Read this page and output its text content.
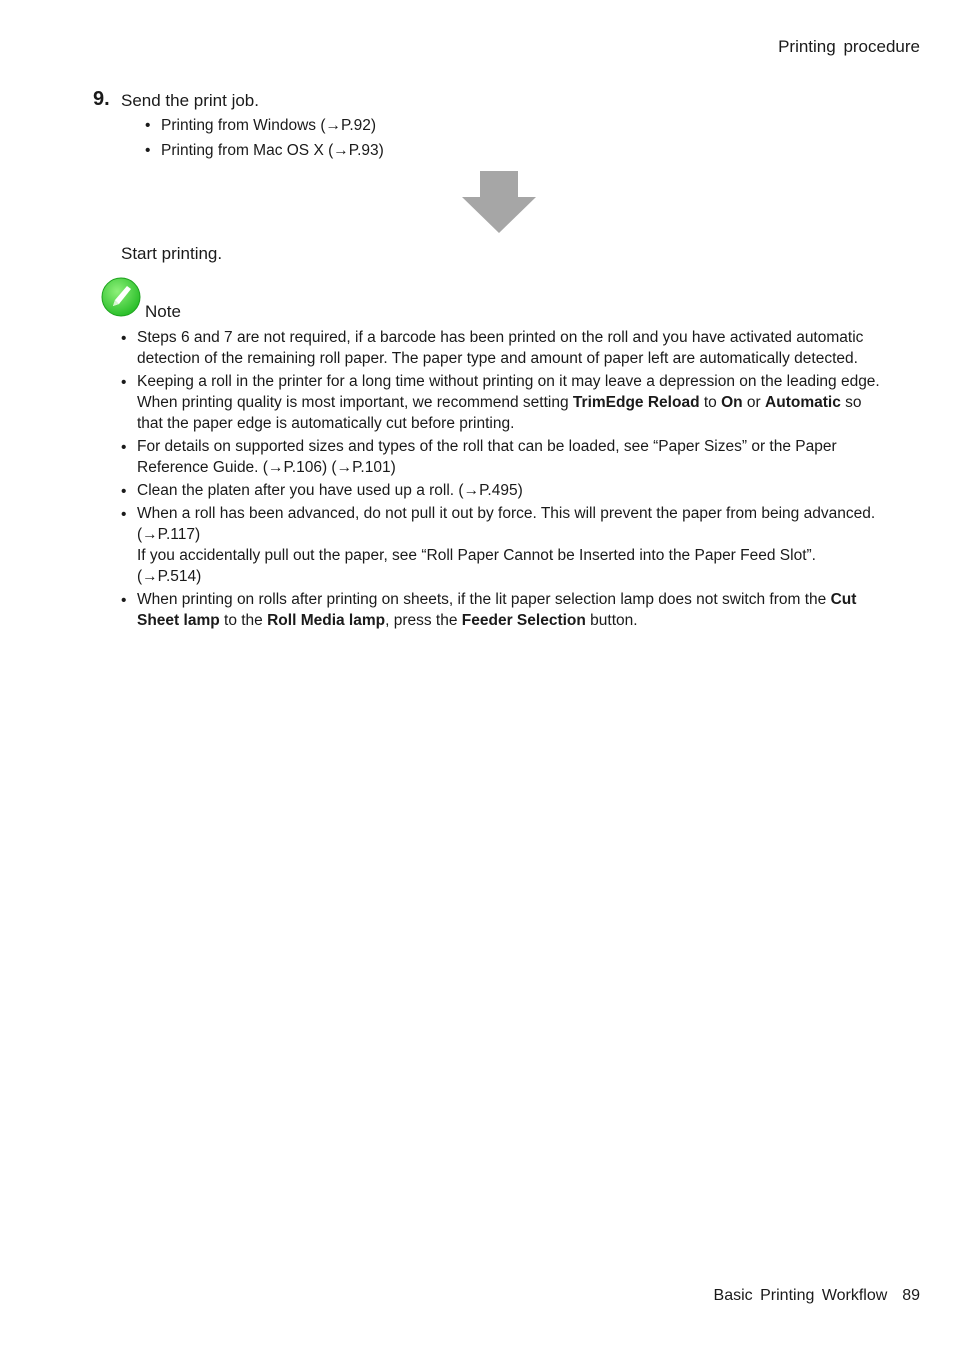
Printing procedure
9. Send the print job.
• Printing from Windows (→P.92)
• Printing from Mac OS X (→P.93)
Start printing.
Note
• Steps 6 and 7 are not required, if a barcode has been printed on the roll and you have activated automatic detection of the remaining roll paper. The paper type and amount of paper left are automatically detected.

• Keeping a roll in the printer for a long time without printing on it may leave a depression on the leading edge.

When printing quality is most important, we recommend setting TrimEdge Reload to On or Automatic so that the paper edge is automatically cut before printing.

• For details on supported sizes and types of the roll that can be loaded, see “Paper Sizes” or the Paper Reference Guide. (→P.106) (→P.101)

• Clean the platen after you have used up a roll. (→P.495)

• When a roll has been advanced, do not pull it out by force. This will prevent the paper from being advanced. (→P.117)

If you accidentally pull out the paper, see “Roll Paper Cannot be Inserted into the Paper Feed Slot”. (→P.514)

• When printing on rolls after printing on sheets, if the lit paper selection lamp does not switch from the Cut Sheet lamp to the Roll Media lamp, press the Feeder Selection button.

Basic Printing Workflow 89
